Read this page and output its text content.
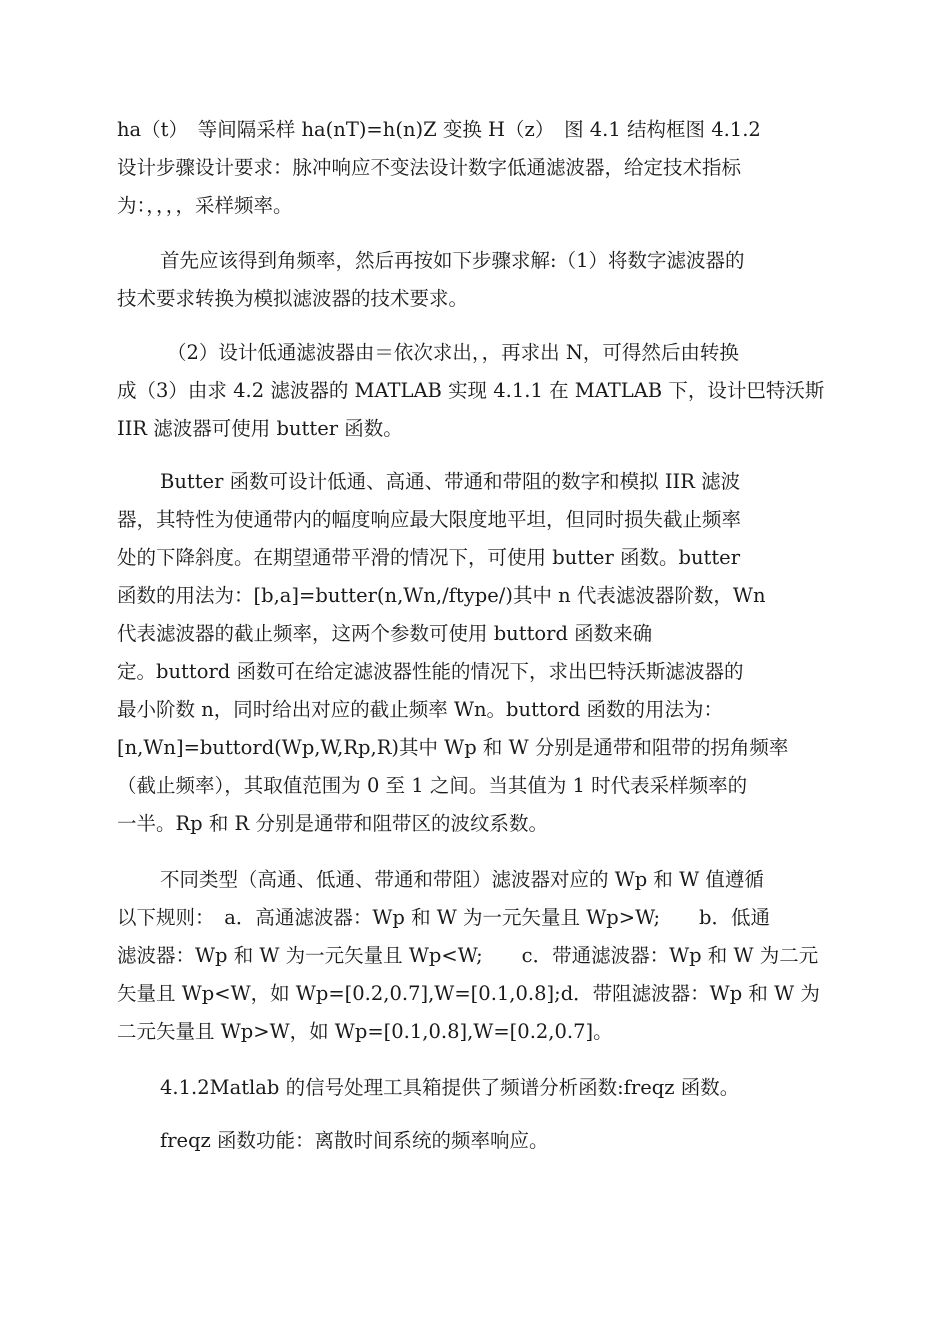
ha（t）　等间隔采样 ha(nT)=h(n)Z 变换 H（z）　图 4.1 结构框图 4.1.2
设计步骤设计要求：脉冲响应不变法设计数字低通滤波器，给定技术指标
为：，，，，采样频率。
首先应该得到角频率，然后再按如下步骤求解:（1）将数字滤波器的
技术要求转换为模拟滤波器的技术要求。
（2）设计低通滤波器由＝依次求出，，再求出 N，可得然后由转换
成（3）由求 4.2 滤波器的 MATLAB 实现 4.1.1 在 MATLAB 下，设计巴特沃斯
IIR 滤波器可使用 butter 函数。
Butter 函数可设计低通、高通、带通和带阻的数字和模拟 IIR 滤波
器，其特性为使通带内的幅度响应最大限度地平坦，但同时损失截止频率
处的下降斜度。在期望通带平滑的情况下，可使用 butter 函数。butter
函数的用法为：[b,a]=butter(n,Wn,/ftype/)其中 n 代表滤波器阶数，Wn
代表滤波器的截止频率，这两个参数可使用 buttord 函数来确
定。buttord 函数可在给定滤波器性能的情况下，求出巴特沃斯滤波器的
最小阶数 n，同时给出对应的截止频率 Wn。buttord 函数的用法为：
[n,Wn]=buttord(Wp,W,Rp,R)其中 Wp 和 W 分别是通带和阻带的拐角频率
（截止频率），其取值范围为 0 至 1 之间。当其值为 1 时代表采样频率的
一半。Rp 和 R 分别是通带和阻带区的波纹系数。
不同类型（高通、低通、带通和带阻）滤波器对应的 Wp 和 W 值遵循
以下规则：　a．高通滤波器：Wp 和 W 为一元矢量且 Wp>W;　　b．低通
滤波器：Wp 和 W 为一元矢量且 Wp<W;　　c．带通滤波器：Wp 和 W 为二元
矢量且 Wp<W，如 Wp=[0.2,0.7],W=[0.1,0.8];d．带阻滤波器：Wp 和 W 为
二元矢量且 Wp>W，如 Wp=[0.1,0.8],W=[0.2,0.7]。
4.1.2Matlab 的信号处理工具箱提供了频谱分析函数:freqz 函数。
freqz 函数功能：离散时间系统的频率响应。
